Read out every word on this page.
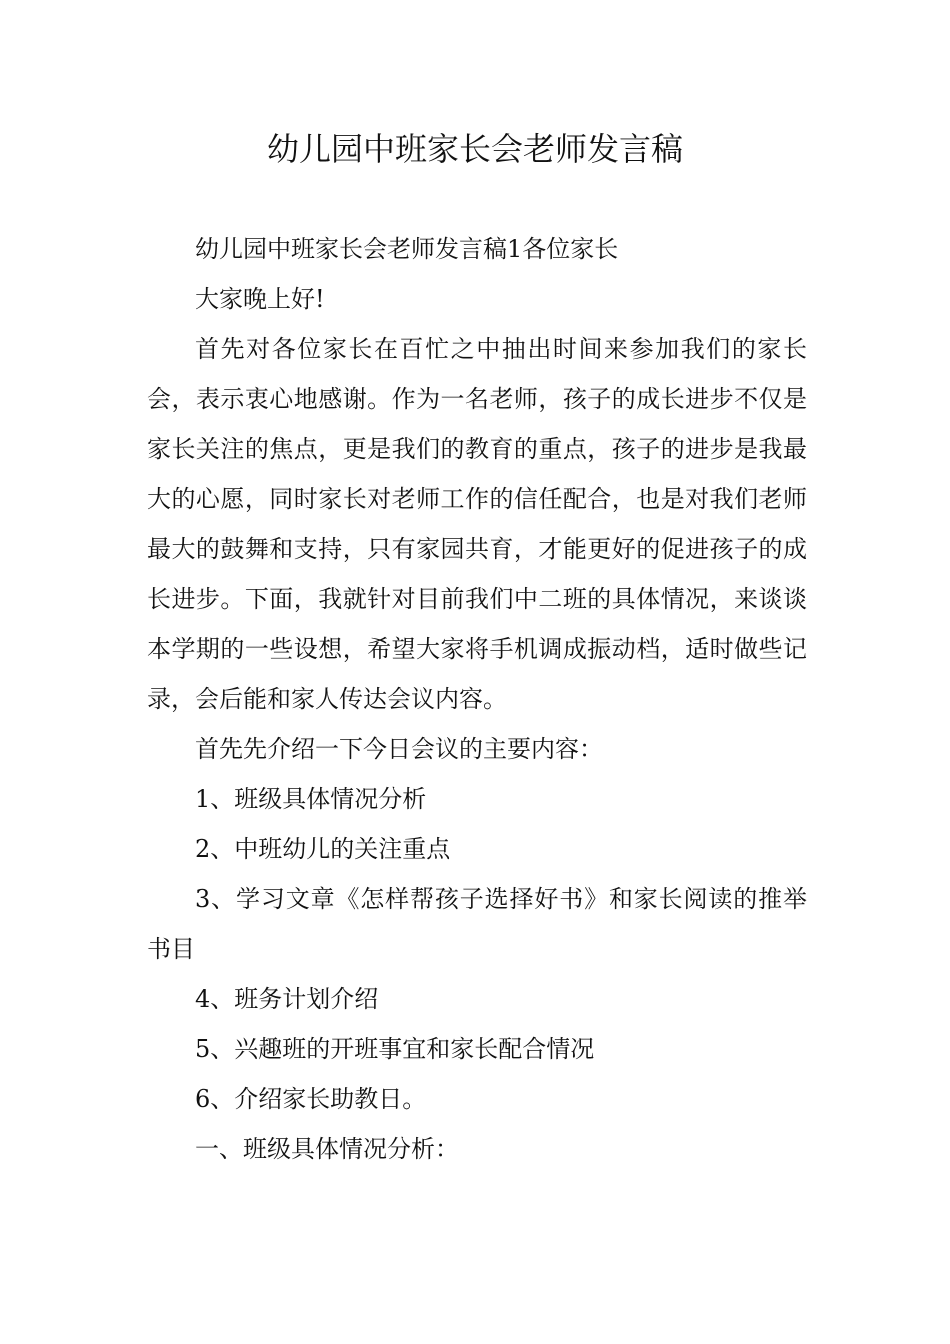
幼儿园中班家长会老师发言稿

幼儿园中班家长会老师发言稿1各位家长

大家晚上好!

首先对各位家长在百忙之中抽出时间来参加我们的家长会，表示衷心地感谢。作为一名老师，孩子的成长进步不仅是家长关注的焦点，更是我们的教育的重点，孩子的进步是我最大的心愿，同时家长对老师工作的信任配合，也是对我们老师最大的鼓舞和支持，只有家园共育，才能更好的促进孩子的成长进步。下面，我就针对目前我们中二班的具体情况，来谈谈本学期的一些设想，希望大家将手机调成振动档，适时做些记录，会后能和家人传达会议内容。

首先先介绍一下今日会议的主要内容：

1、班级具体情况分析

2、中班幼儿的关注重点

3、学习文章《怎样帮孩子选择好书》和家长阅读的推举书目

4、班务计划介绍

5、兴趣班的开班事宜和家长配合情况

6、介绍家长助教日。

一、班级具体情况分析：
